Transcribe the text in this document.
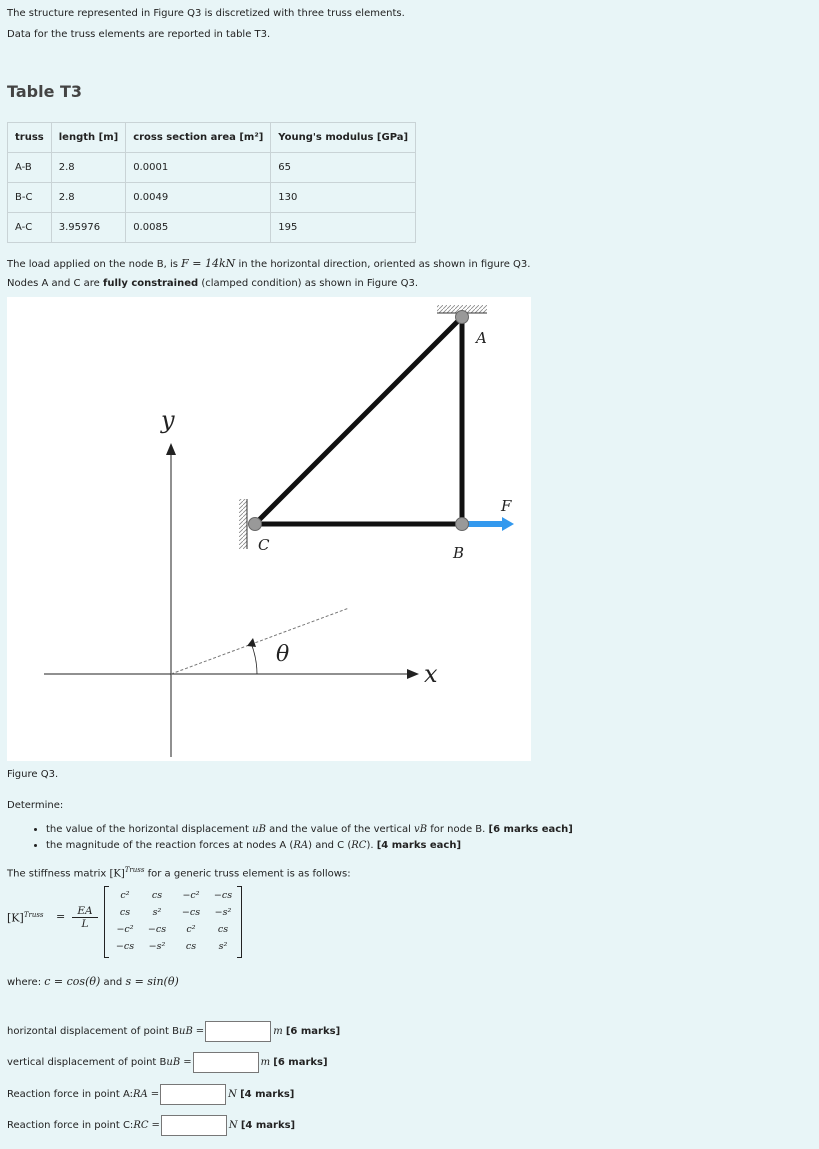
The structure represented in Figure Q3 is discretized with three truss elements.
Data for the truss elements are reported in table T3.
Table T3
truss	length [m]	cross section area [m²]	Young's modulus [GPa]
A-B	2.8	0.0001	65
B-C	2.8	0.0049	130
A-C	3.95976	0.0085	195
The load applied on the node B, is F = 14kN in the horizontal direction, oriented as shown in figure Q3.
Nodes A and C are fully constrained (clamped condition) as shown in Figure Q3.
A
B
C
F
x
y
θ
Figure Q3.
Determine:
• the value of the horizontal displacement uB and the value of the vertical vB for node B. [6 marks each]
• the magnitude of the reaction forces at nodes A (RA) and C (RC). [4 marks each]
The stiffness matrix $[K]^{Truss}$ for a generic truss element is as follows:
$[K]^{Truss} = \frac{EA}{L}$
c²	cs	−c²	−cs
cs	s²	−cs	−s²
−c²	−cs	c²	cs
−cs	−s²	cs	s²
where: c = cos(θ) and s = sin(θ)
horizontal displacement of point B uB =	m
[6 marks]
vertical displacement of point B uB =	m
[6 marks]
Reaction force in point A: RA =	N
[4 marks]
Reaction force in point C: RC =	N
[4 marks]
